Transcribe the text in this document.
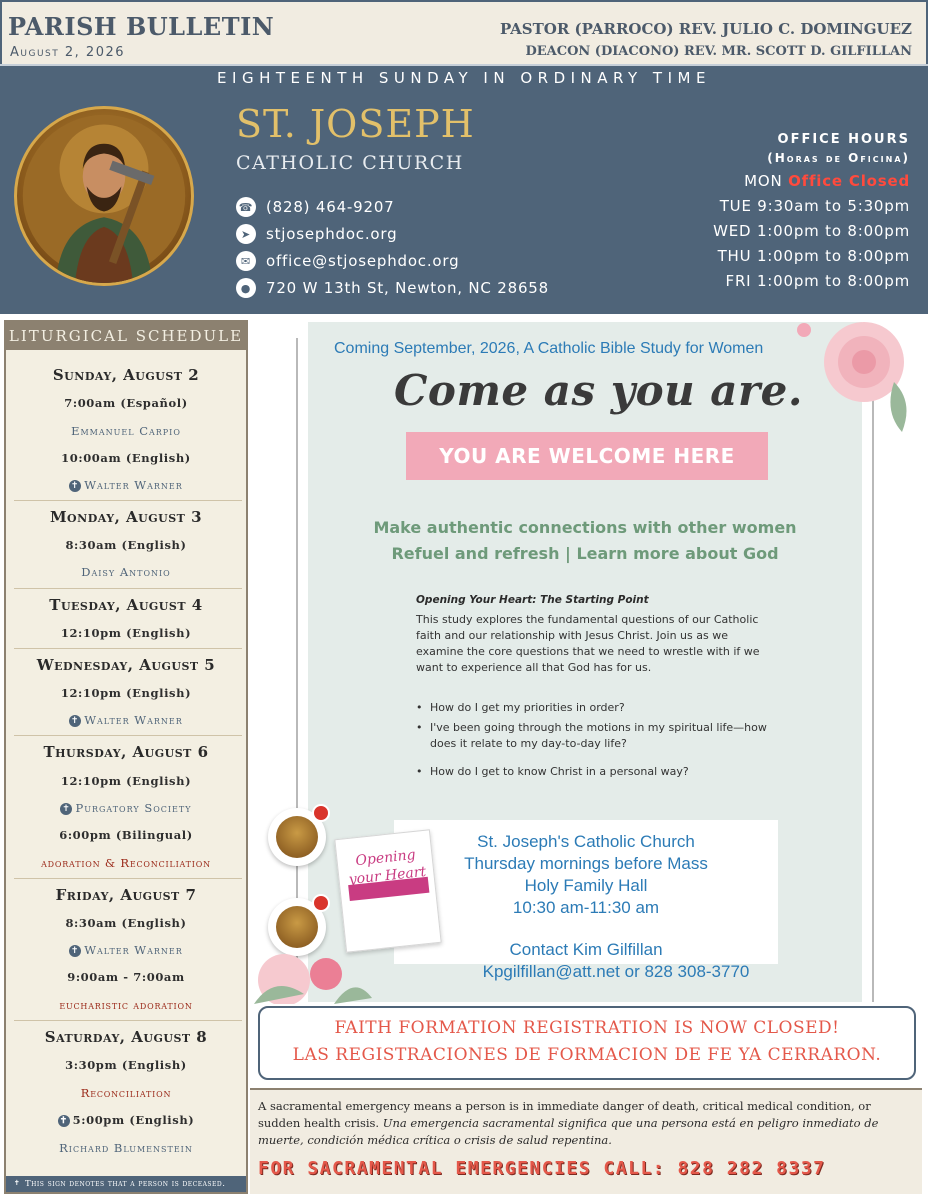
PARISH BULLETIN
August 2, 2026
PASTOR (PARROCO) REV. JULIO C. DOMINGUEZ
DEACON (DIACONO) REV. MR. SCOTT D. GILFILLAN
EIGHTEENTH SUNDAY IN ORDINARY TIME
ST. JOSEPH
CATHOLIC CHURCH
☎ (828) 464-9207
➤ stjosephdoc.org
✉ office@stjosephdoc.org
● 720 W 13th St, Newton, NC 28658
OFFICE HOURS
(Horas de Oficina)
MON Office Closed
TUE 9:30am to 5:30pm
WED 1:00pm to 8:00pm
THU 1:00pm to 8:00pm
FRI 1:00pm to 8:00pm
LITURGICAL SCHEDULE
Sunday, August 2
7:00am (Español)
Emmanuel Carpio
10:00am (English)
✝ Walter Warner
Monday, August 3
8:30am (English)
Daisy Antonio
Tuesday, August 4
12:10pm (English)
Wednesday, August 5
12:10pm (English)
✝ Walter Warner
Thursday, August 6
12:10pm (English)
✝ Purgatory Society
6:00pm (Bilingual)
adoration & Reconciliation
Friday, August 7
8:30am (English)
✝ Walter Warner
9:00am - 7:00am
eucharistic adoration
Saturday, August 8
3:30pm (English)
Reconciliation
✝ 5:00pm (English)
Richard Blumenstein
✝ This sign denotes that a person is deceased.
Coming September, 2026, A Catholic Bible Study for Women
Come as you are.
YOU ARE WELCOME HERE
Make authentic connections with other women
Refuel and refresh | Learn more about God
Opening Your Heart: The Starting Point
This study explores the fundamental questions of our Catholic faith and our relationship with Jesus Christ. Join us as we examine the core questions that we need to wrestle with if we want to experience all that God has for us.
• How do I get my priorities in order?
• I've been going through the motions in my spiritual life—how does it relate to my day-to-day life?
• How do I get to know Christ in a personal way?
St. Joseph's Catholic Church
Thursday mornings before Mass
Holy Family Hall
10:30 am-11:30 am
Contact Kim Gilfillan
Kpgilfillan@att.net or 828 308-3770
Opening your Heart
FAITH FORMATION REGISTRATION IS NOW CLOSED!
LAS REGISTRACIONES DE FORMACION DE FE YA CERRARON.
A sacramental emergency means a person is in immediate danger of death, critical medical condition, or sudden health crisis. Una emergencia sacramental significa que una persona está en peligro inmediato de muerte, condición médica crítica o crisis de salud repentina.
FOR SACRAMENTAL EMERGENCIES CALL: 828 282 8337
